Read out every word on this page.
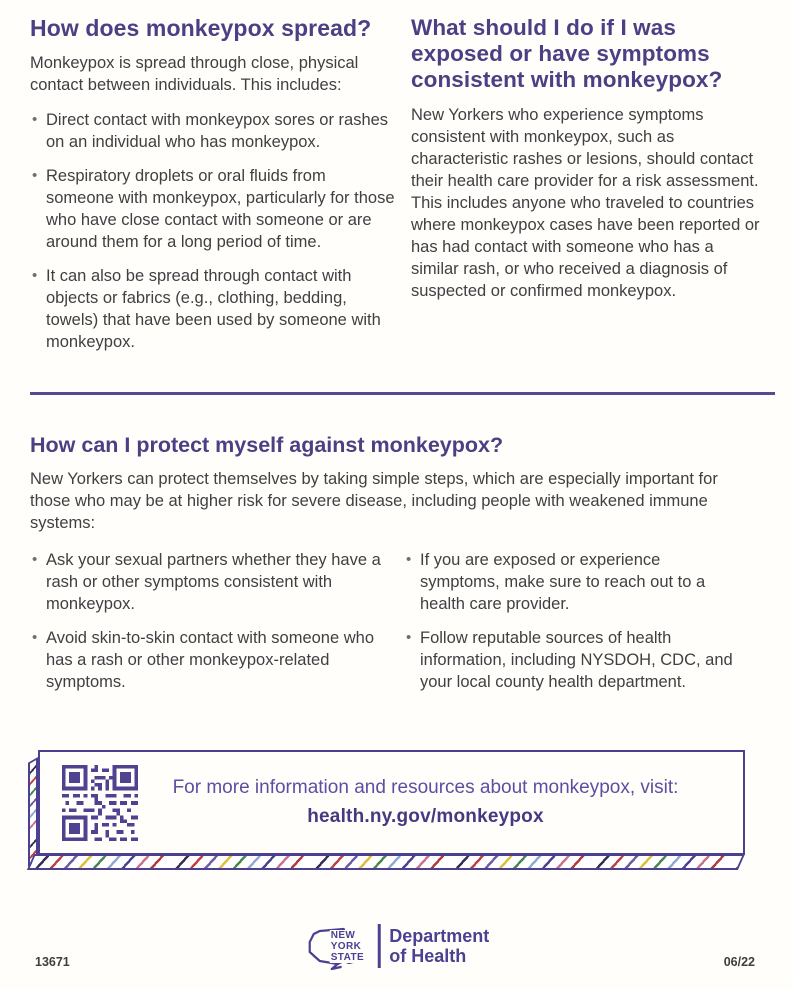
How does monkeypox spread?

Monkeypox is spread through close, physical contact between individuals. This includes:

• Direct contact with monkeypox sores or rashes on an individual who has monkeypox.
• Respiratory droplets or oral fluids from someone with monkeypox, particularly for those who have close contact with someone or are around them for a long period of time.
• It can also be spread through contact with objects or fabrics (e.g., clothing, bedding, towels) that have been used by someone with monkeypox.
What should I do if I was exposed or have symptoms consistent with monkeypox?

New Yorkers who experience symptoms consistent with monkeypox, such as characteristic rashes or lesions, should contact their health care provider for a risk assessment. This includes anyone who traveled to countries where monkeypox cases have been reported or has had contact with someone who has a similar rash, or who received a diagnosis of suspected or confirmed monkeypox.

How can I protect myself against monkeypox?

New Yorkers can protect themselves by taking simple steps, which are especially important for those who may be at higher risk for severe disease, including people with weakened immune systems:

• Ask your sexual partners whether they have a rash or other symptoms consistent with monkeypox.
• Avoid skin-to-skin contact with someone who has a rash or other monkeypox-related symptoms.
• If you are exposed or experience symptoms, make sure to reach out to a health care provider.
• Follow reputable sources of health information, including NYSDOH, CDC, and your local county health department.
For more information and resources about monkeypox, visit:
health.ny.gov/monkeypox
13671
NEW
YORK
STATE
Department
of Health	06/22
